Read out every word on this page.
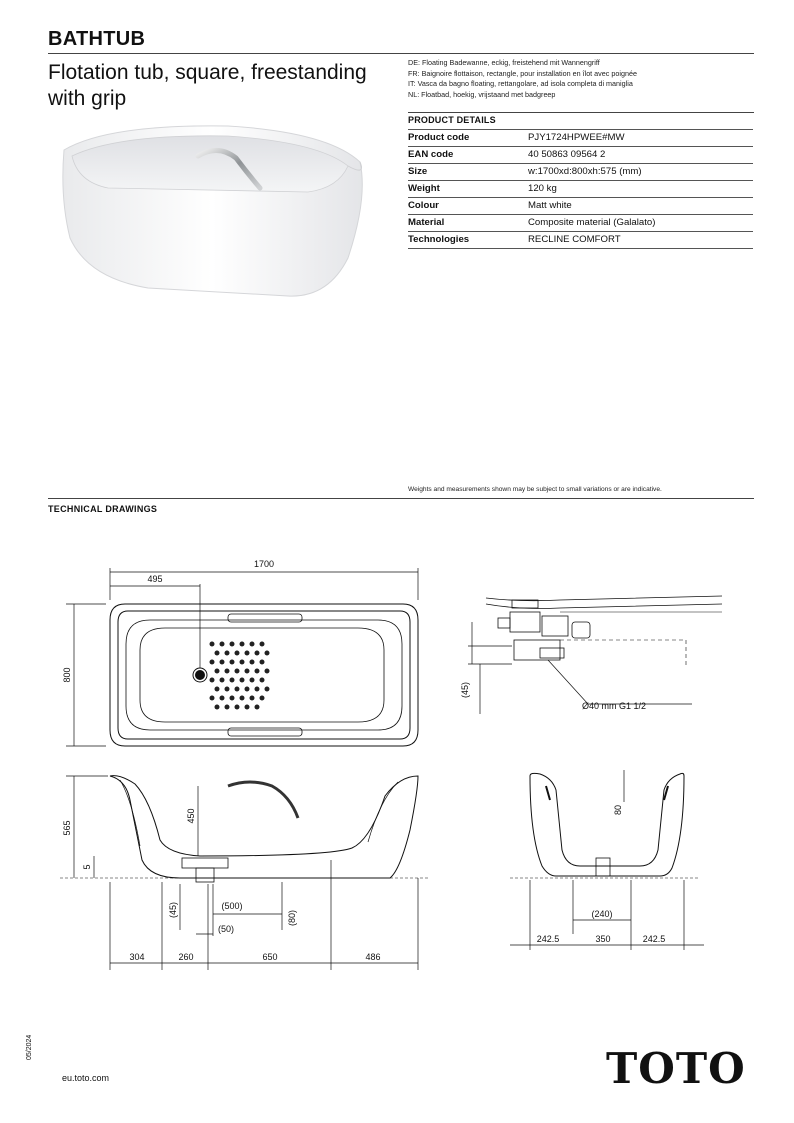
BATHTUB
Flotation tub, square, freestanding
with grip
DE: Floating Badewanne, eckig, freistehend mit Wannengriff
FR: Baignoire flottaison, rectangle, pour installation en îlot avec poignée
IT: Vasca da bagno floating, rettangolare, ad isola completa di maniglia
NL: Floatbad, hoekig, vrijstaand met badgreep
PRODUCT DETAILS
Product code	PJY1724HPWEE#MW
EAN code	40 50863 09564 2
Size	w:1700xd:800xh:575 (mm)
Weight	120 kg
Colour	Matt white
Material	Composite material (Galalato)
Technologies	RECLINE COMFORT
Weights and measurements shown may be subject to small variations or are indicative.
TECHNICAL DRAWINGS
1700
495
800
565
5
450
(45)	(500)
(50)
(80)
304	260	650	486
80
(240)
242.5	350	242.5
(45)
Ø40 mm G1 1/2
05/2024
eu.toto.com	TOTO
